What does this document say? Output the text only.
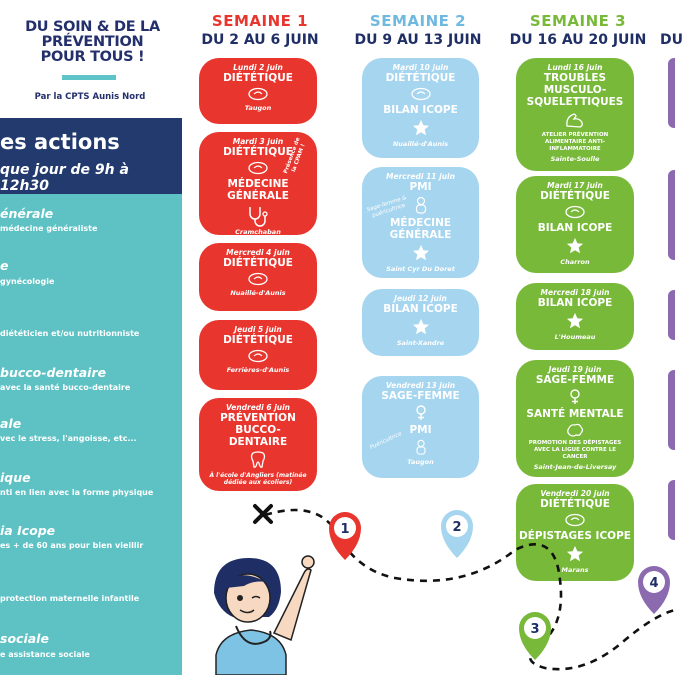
DU SOIN & DE LA PRÉVENTION POUR TOUS !
Par la CPTS Aunis Nord
es actions
que jour de 9h à 12h30
énérale
médecine généraliste
e
gynécologie
diététicien et/ou nutritionniste
bucco-dentaire
avec la santé bucco-dentaire
ale
vec le stress, l'angoisse, etc...
ique
nti en lien avec la forme physique
ia Icope
es + de 60 ans pour bien vieillir
protection maternelle infantile
sociale
e assistance sociale
SEMAINE 1
DU 2 AU 6 JUIN
SEMAINE 2
DU 9 AU 13 JUIN
SEMAINE 3
DU 16 AU 20 JUIN DU
Lundi 2 juin
DIÉTÉTIQUE
Taugon
Mardi 3 juin
DIÉTÉTIQUE
MÉDECINE GÉNÉRALE
Cramchaban
Présence de la CPAM !
Mercredi 4 juin
DIÉTÉTIQUE
Nuaillé-d'Aunis
Jeudi 5 juin
DIÉTÉTIQUE
Ferrières-d'Aunis
Vendredi 6 juin
PRÉVENTION BUCCO-DENTAIRE
À l'école d'Angliers (matinée dédiée aux écoliers)
Mardi 10 juin
DIÉTÉTIQUE
BILAN ICOPE
Nuaillé-d'Aunis
Mercredi 11 juin
PMI
MÉDECINE GÉNÉRALE
Saint Cyr Du Doret
Sage-femme & puéricultrice
Jeudi 12 juin
BILAN ICOPE
Saint-Xandre
Vendredi 13 juin
SAGE-FEMME
PMI
Taugon
Puéricultrice
Lundi 16 juin
TROUBLES MUSCULO-SQUELETTIQUES
ATELIER PRÉVENTION ALIMENTAIRE ANTI-INFLAMMATOIRE
Sainte-Soulle
Mardi 17 juin
DIÉTÉTIQUE
BILAN ICOPE
Charron
Mercredi 18 juin
BILAN ICOPE
L'Houmeau
Jeudi 19 juin
SAGE-FEMME
SANTÉ MENTALE
PROMOTION DES DÉPISTAGES AVEC LA LIGUE CONTRE LE CANCER
Saint-Jean-de-Liversay
Vendredi 20 juin
DIÉTÉTIQUE
DÉPISTAGES ICOPE
Marans
1	2
3
4
